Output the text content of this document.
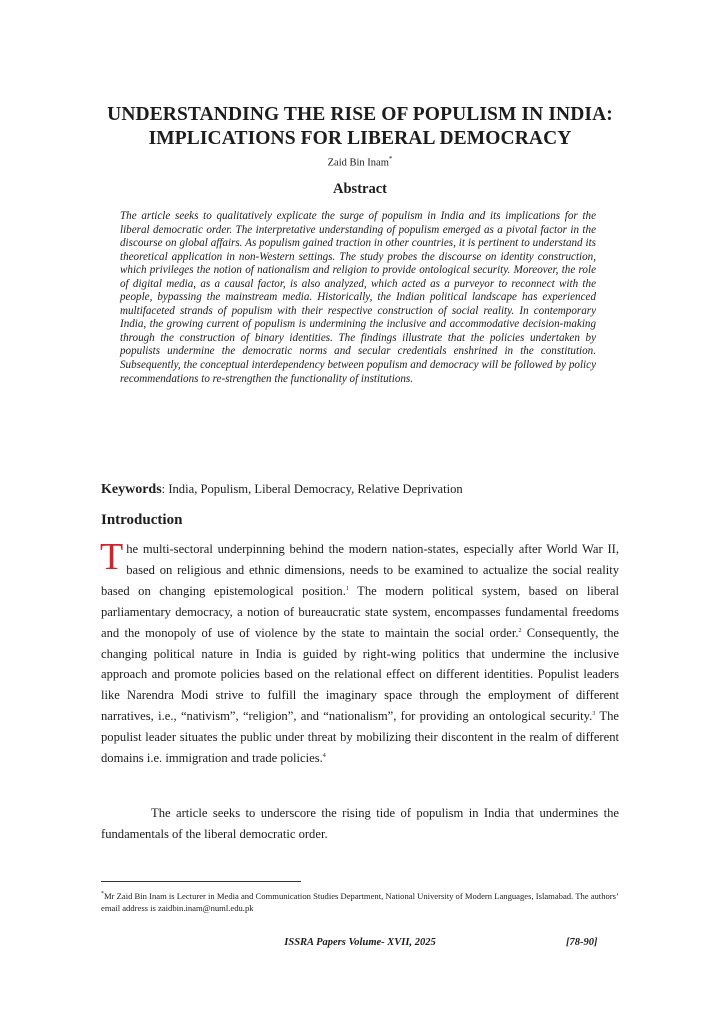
UNDERSTANDING THE RISE OF POPULISM IN INDIA:
IMPLICATIONS FOR LIBERAL DEMOCRACY
Zaid Bin Inam*
Abstract
The article seeks to qualitatively explicate the surge of populism in India and its implications for the liberal democratic order. The interpretative understanding of populism emerged as a pivotal factor in the discourse on global affairs. As populism gained traction in other countries, it is pertinent to understand its theoretical application in non-Western settings. The study probes the discourse on identity construction, which privileges the notion of nationalism and religion to provide ontological security. Moreover, the role of digital media, as a causal factor, is also analyzed, which acted as a purveyor to reconnect with the people, bypassing the mainstream media. Historically, the Indian political landscape has experienced multifaceted strands of populism with their respective construction of social reality. In contemporary India, the growing current of populism is undermining the inclusive and accommodative decision-making through the construction of binary identities. The findings illustrate that the policies undertaken by populists undermine the democratic norms and secular credentials enshrined in the constitution. Subsequently, the conceptual interdependency between populism and democracy will be followed by policy recommendations to re-strengthen the functionality of institutions.
Keywords: India, Populism, Liberal Democracy, Relative Deprivation
Introduction
The multi-sectoral underpinning behind the modern nation-states, especially after World War II, based on religious and ethnic dimensions, needs to be examined to actualize the social reality based on changing epistemological position.$^1$ The modern political system, based on liberal parliamentary democracy, a notion of bureaucratic state system, encompasses fundamental freedoms and the monopoly of use of violence by the state to maintain the social order.$^2$ Consequently, the changing political nature in India is guided by right-wing politics that undermine the inclusive approach and promote policies based on the relational effect on different identities. Populist leaders like Narendra Modi strive to fulfill the imaginary space through the employment of different narratives, i.e., “nativism”, “religion”, and “nationalism”, for providing an ontological security.$^3$ The populist leader situates the public under threat by mobilizing their discontent in the realm of different domains i.e. immigration and trade policies.$^4$
The article seeks to underscore the rising tide of populism in India that undermines the fundamentals of the liberal democratic order.
*Mr Zaid Bin Inam is Lecturer in Media and Communication Studies Department, National University of Modern Languages, Islamabad. The authors’ email address is zaidbin.inam@numl.edu.pk
ISSRA Papers Volume- XVII, 2025	[78-90]
